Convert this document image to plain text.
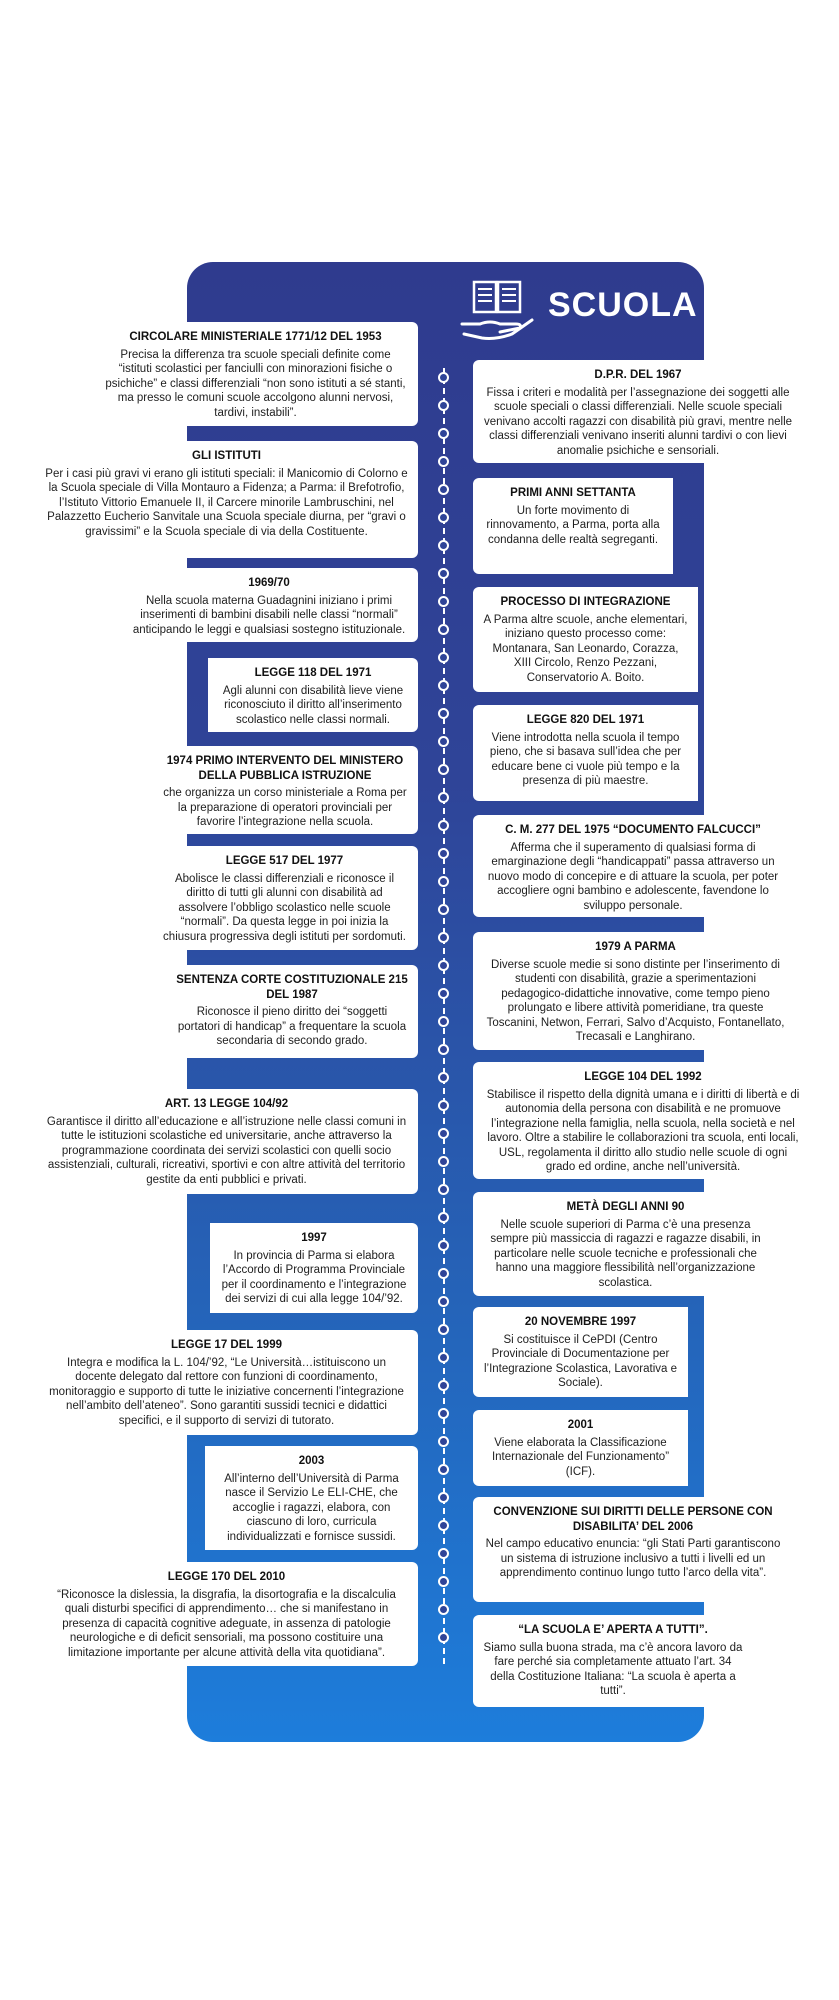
SCUOLA
CIRCOLARE MINISTERIALE 1771/12 DEL 1953

Precisa la differenza tra scuole speciali definite come “istituti scolastici per fanciulli con minorazioni fisiche o psichiche” e classi differenziali “non sono istituti a sé stanti, ma presso le comuni scuole accolgono alunni nervosi, tardivi, instabili”.

GLI ISTITUTI

Per i casi più gravi vi erano gli istituti speciali: il Manicomio di Colorno e la Scuola speciale di Villa Montauro a Fidenza; a Parma: il Brefotrofio, l’Istituto Vittorio Emanuele II, il Carcere minorile Lambruschini, nel Palazzetto Eucherio Sanvitale una Scuola speciale diurna, per “gravi o gravissimi” e la Scuola speciale di via della Costituente.

1969/70

Nella scuola materna Guadagnini iniziano i primi inserimenti di bambini disabili nelle classi “normali” anticipando le leggi e qualsiasi sostegno istituzionale.

LEGGE 118 DEL 1971

Agli alunni con disabilità lieve viene riconosciuto il diritto all’inserimento scolastico nelle classi normali.

1974 PRIMO INTERVENTO DEL MINISTERO DELLA PUBBLICA ISTRUZIONE

che organizza un corso ministeriale a Roma per la preparazione di operatori provinciali per favorire l’integrazione nella scuola.

LEGGE 517 DEL 1977

Abolisce le classi differenziali e riconosce il diritto di tutti gli alunni con disabilità ad assolvere l’obbligo scolastico nelle scuole “normali”. Da questa legge in poi inizia la chiusura progressiva degli istituti per sordomuti.

SENTENZA CORTE COSTITUZIONALE 215 DEL 1987

Riconosce il pieno diritto dei “soggetti portatori di handicap” a frequentare la scuola secondaria di secondo grado.

ART. 13 LEGGE 104/92

Garantisce il diritto all’educazione e all’istruzione nelle classi comuni in tutte le istituzioni scolastiche ed universitarie, anche attraverso la programmazione coordinata dei servizi scolastici con quelli socio assistenziali, culturali, ricreativi, sportivi e con altre attività del territorio gestite da enti pubblici e privati.

1997

In provincia di Parma si elabora l’Accordo di Programma Provinciale per il coordinamento e l’integrazione dei servizi di cui alla legge 104/’92.

LEGGE 17 DEL 1999

Integra e modifica la L. 104/’92, “Le Università…istituiscono un docente delegato dal rettore con funzioni di coordinamento, monitoraggio e supporto di tutte le iniziative concernenti l’integrazione nell’ambito dell’ateneo”. Sono garantiti sussidi tecnici e didattici specifici, e il supporto di servizi di tutorato.

2003

All’interno dell’Università di Parma nasce il Servizio Le ELI-CHE, che accoglie i ragazzi, elabora, con ciascuno di loro, curricula individualizzati e fornisce sussidi.

LEGGE 170 DEL 2010

“Riconosce la dislessia, la disgrafia, la disortografia e la discalculia quali disturbi specifici di apprendimento… che si manifestano in presenza di capacità cognitive adeguate, in assenza di patologie neurologiche e di deficit sensoriali, ma possono costituire una limitazione importante per alcune attività della vita quotidiana”.

D.P.R. DEL 1967

Fissa i criteri e modalità per l’assegnazione dei soggetti alle scuole speciali o classi differenziali. Nelle scuole speciali venivano accolti ragazzi con disabilità più gravi, mentre nelle classi differenziali venivano inseriti alunni tardivi o con lievi anomalie psichiche e sensoriali.

PRIMI ANNI SETTANTA

Un forte movimento di rinnovamento, a Parma, porta alla condanna delle realtà segreganti.

PROCESSO DI INTEGRAZIONE

A Parma altre scuole, anche elementari, iniziano questo processo come: Montanara, San Leonardo, Corazza, XIII Circolo, Renzo Pezzani, Conservatorio A. Boito.

LEGGE 820 DEL 1971

Viene introdotta nella scuola il tempo pieno, che si basava sull’idea che per educare bene ci vuole più tempo e la presenza di più maestre.

C. M. 277 DEL 1975 “DOCUMENTO FALCUCCI”

Afferma che il superamento di qualsiasi forma di emarginazione degli “handicappati” passa attraverso un nuovo modo di concepire e di attuare la scuola, per poter accogliere ogni bambino e adolescente, favendone lo sviluppo personale.

1979 A PARMA

Diverse scuole medie si sono distinte per l’inserimento di studenti con disabilità, grazie a sperimentazioni pedagogico-didattiche innovative, come tempo pieno prolungato e libere attività pomeridiane, tra queste Toscanini, Netwon, Ferrari, Salvo d’Acquisto, Fontanellato, Trecasali e Langhirano.

LEGGE 104 DEL 1992

Stabilisce il rispetto della dignità umana e i diritti di libertà e di autonomia della persona con disabilità e ne promuove l’integrazione nella famiglia, nella scuola, nella società e nel lavoro. Oltre a stabilire le collaborazioni tra scuola, enti locali, USL, regolamenta il diritto allo studio nelle scuole di ogni grado ed ordine, anche nell’università.

METÀ DEGLI ANNI 90

Nelle scuole superiori di Parma c’è una presenza sempre più massiccia di ragazzi e ragazze disabili, in particolare nelle scuole tecniche e professionali che hanno una maggiore flessibilità nell’organizzazione scolastica.

20 NOVEMBRE 1997

Si costituisce il CePDI (Centro Provinciale di Documentazione per l’Integrazione Scolastica, Lavorativa e Sociale).

2001

Viene elaborata la Classificazione Internazionale del Funzionamento” (ICF).

CONVENZIONE SUI DIRITTI DELLE PERSONE CON DISABILITA’ DEL 2006

Nel campo educativo enuncia: “gli Stati Parti garantiscono un sistema di istruzione inclusivo a tutti i livelli ed un apprendimento continuo lungo tutto l’arco della vita”.

“LA SCUOLA E’ APERTA A TUTTI”.

Siamo sulla buona strada, ma c’è ancora lavoro da fare perché sia completamente attuato l’art. 34 della Costituzione Italiana: “La scuola è aperta a tutti”.
